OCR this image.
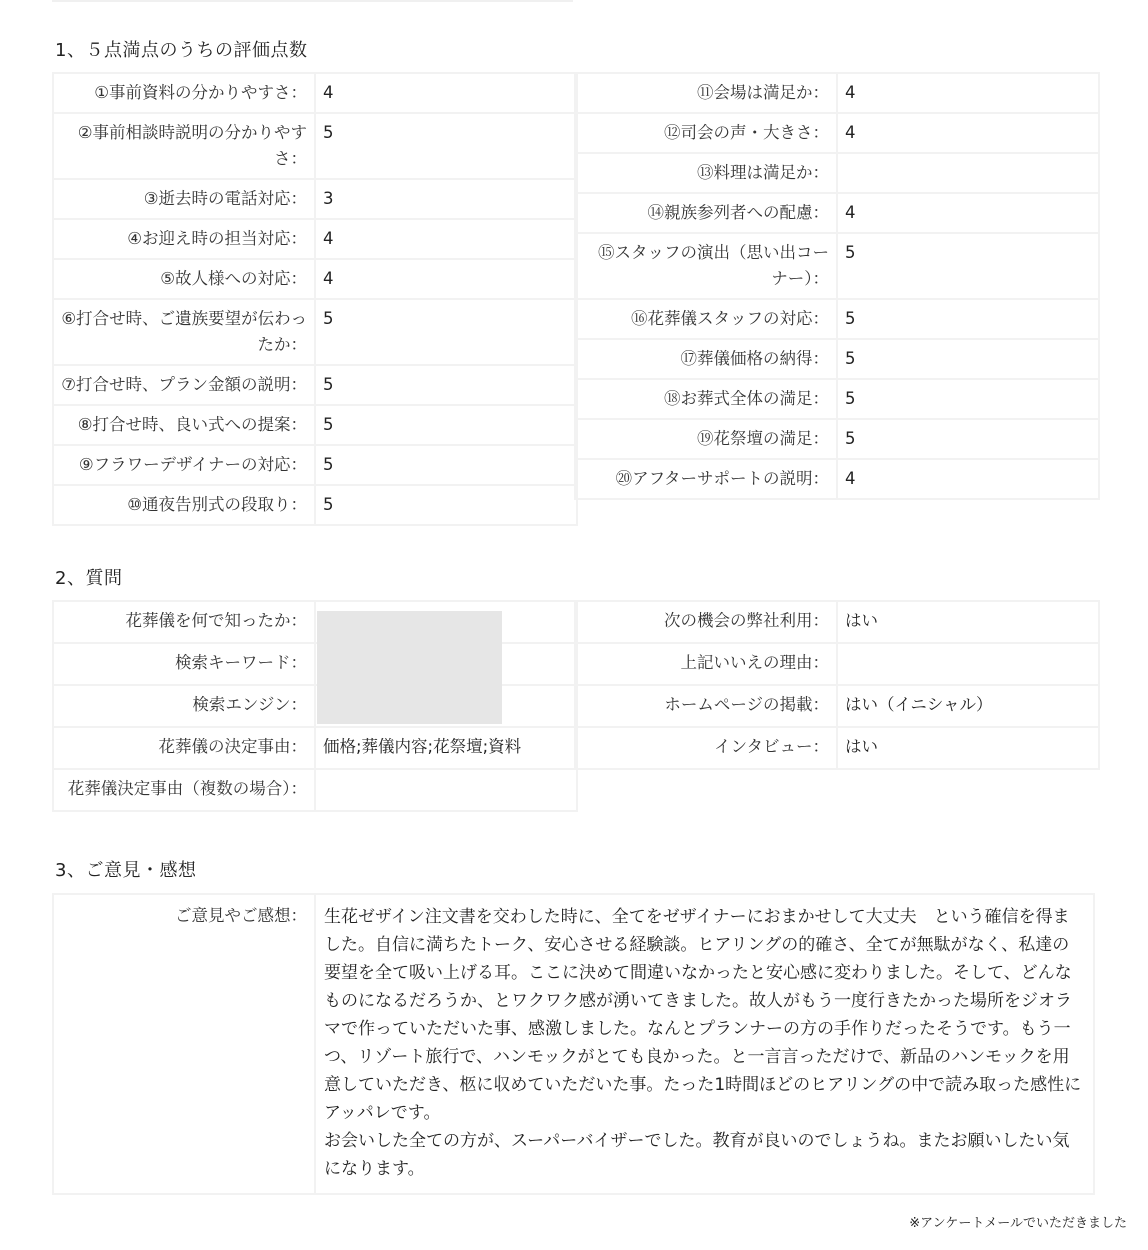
1、５点満点のうちの評価点数
①事前資料の分かりやすさ：	4
②事前相談時説明の分かりやすさ：	5
③逝去時の電話対応：	3
④お迎え時の担当対応：	4
⑤故人様への対応：	4
⑥打合せ時、ご遺族要望が伝わったか：	5
⑦打合せ時、プラン金額の説明：	5
⑧打合せ時、良い式への提案：	5
⑨フラワーデザイナーの対応：	5
⑩通夜告別式の段取り：	5
⑪会場は満足か：	4
⑫司会の声・大きさ：	4
⑬料理は満足か：	
⑭親族参列者への配慮：	4
⑮スタッフの演出（思い出コーナー）：	5
⑯花葬儀スタッフの対応：	5
⑰葬儀価格の納得：	5
⑱お葬式全体の満足：	5
⑲花祭壇の満足：	5
⑳アフターサポートの説明：	4
2、質問
花葬儀を何で知ったか：	
検索キーワード：	
検索エンジン：	
花葬儀の決定事由：	価格;葬儀内容;花祭壇;資料
花葬儀決定事由（複数の場合）：	
次の機会の弊社利用：	はい
上記いいえの理由：	
ホームページの掲載：	はい（イニシャル）
インタビュー：	はい
3、ご意見・感想
ご意見やご感想：	生花ゼザイン注文書を交わした時に、全てをゼザイナーにおまかせして大丈夫　という確信を得ました。自信に満ちたトーク、安心させる経験談。ヒアリングの的確さ、全てが無駄がなく、私達の要望を全て吸い上げる耳。ここに決めて間違いなかったと安心感に変わりました。そして、どんなものになるだろうか、とワクワク感が湧いてきました。故人がもう一度行きたかった場所をジオラマで作っていただいた事、感激しました。なんとプランナーの方の手作りだったそうです。もう一つ、リゾート旅行で、ハンモックがとても良かった。と一言言っただけで、新品のハンモックを用意していただき、柩に収めていただいた事。たった1時間ほどのヒアリングの中で読み取った感性にアッパレです。
お会いした全ての方が、スーパーバイザーでした。教育が良いのでしょうね。またお願いしたい気になります。
※アンケートメールでいただきました
